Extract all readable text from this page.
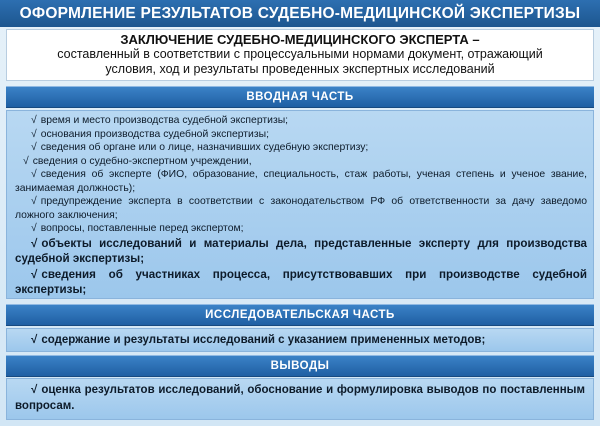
ОФОРМЛЕНИЕ РЕЗУЛЬТАТОВ СУДЕБНО-МЕДИЦИНСКОЙ ЭКСПЕРТИЗЫ
ЗАКЛЮЧЕНИЕ СУДЕБНО-МЕДИЦИНСКОГО ЭКСПЕРТА –
составленный в соответствии с процессуальными нормами документ, отражающий
условия, ход и результаты проведенных экспертных исследований
ВВОДНАЯ ЧАСТЬ

√ время и место производства судебной экспертизы;

√ основания производства судебной экспертизы;

√ сведения об органе или о лице, назначивших судебную экспертизу;

√ сведения о судебно-экспертном учреждении,

√ сведения об эксперте (ФИО, образование, специальность, стаж работы, ученая степень и ученое звание, занимаемая должность);

√ предупреждение эксперта в соответствии с законодательством РФ об ответственности за дачу заведомо ложного заключения;

√ вопросы, поставленные перед экспертом;

√ объекты исследований и материалы дела, представленные эксперту для производства судебной экспертизы;

√ сведения об участниках процесса, присутствовавших при производстве судебной экспертизы;

ИССЛЕДОВАТЕЛЬСКАЯ ЧАСТЬ

√ содержание и результаты исследований с указанием примененных методов;

ВЫВОДЫ

√ оценка результатов исследований, обоснование и формулировка выводов по поставленным вопросам.
